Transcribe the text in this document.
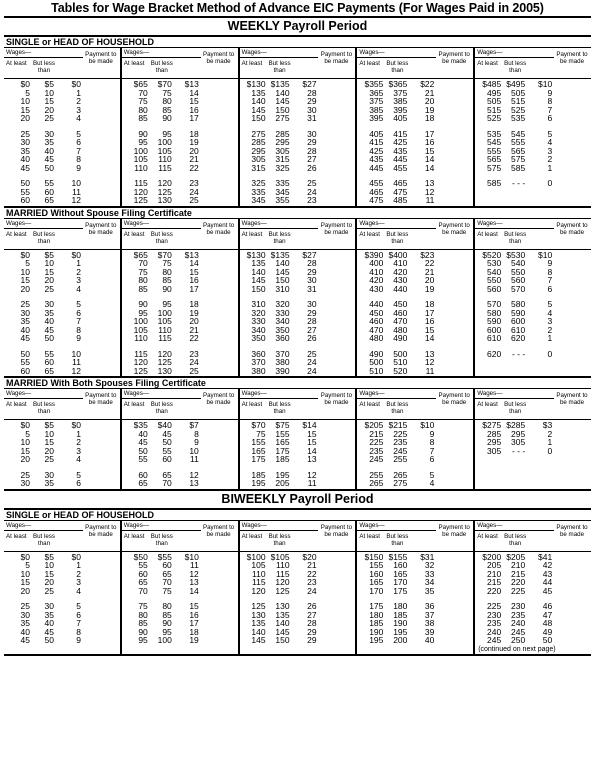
Tables for Wage Bracket Method of Advance EIC Payments (For Wages Paid in 2005)
WEEKLY Payroll Period
SINGLE or HEAD OF HOUSEHOLD
Wages—
At least But less than
Payment to be made
$0	$5	$0
5	10	1
10	15	2
15	20	3
20	25	4
25	30	5
30	35	6
35	40	7
40	45	8
45	50	9
50	55	10
55	60	11
60	65	12
Wages—
At least But less than
Payment to be made
$65	$70	$13
70	75	14
75	80	15
80	85	16
85	90	17
90	95	18
95	100	19
100	105	20
105	110	21
110	115	22
115	120	23
120	125	24
125	130	25
Wages—
At least But less than
Payment to be made
$130 $135	$27
135	140	28
140	145	29
145	150	30
150	275	31
275	285	30
285	295	29
295	305	28
305	315	27
315	325	26
325	335	25
335	345	24
345	355	23
Wages—
At least But less than
Payment to be made
$355 $365	$22
365	375	21
375	385	20
385	395	19
395	405	18
405	415	17
415	425	16
425	435	15
435	445	14
445	455	14
455	465	13
465	475	12
475	485	11
Wages—
At least But less than
Payment to be made
$485 $495	$10
495	505	9
505	515	8
515	525	7
525	535	6
535	545	5
545	555	4
555	565	3
565	575	2
575	585	1
585	- - -	0
MARRIED Without Spouse Filing Certificate
Wages—
At least But less than
Payment to be made
$0	$5	$0
5	10	1
10	15	2
15	20	3
20	25	4
25	30	5
30	35	6
35	40	7
40	45	8
45	50	9
50	55	10
55	60	11
60	65	12
Wages—
At least But less than
Payment to be made
$65	$70	$13
70	75	14
75	80	15
80	85	16
85	90	17
90	95	18
95	100	19
100	105	20
105	110	21
110	115	22
115	120	23
120	125	24
125	130	25
Wages—
At least But less than
Payment to be made
$130 $135	$27
135	140	28
140	145	29
145	150	30
150	310	31
310	320	30
320	330	29
330	340	28
340	350	27
350	360	26
360	370	25
370	380	24
380	390	24
Wages—
At least But less than
Payment to be made
$390 $400	$23
400	410	22
410	420	21
420	430	20
430	440	19
440	450	18
450	460	17
460	470	16
470	480	15
480	490	14
490	500	13
500	510	12
510	520	11
Wages—
At least But less than
Payment to be made
$520 $530	$10
530	540	9
540	550	8
550	560	7
560	570	6
570	580	5
580	590	4
590	600	3
600	610	2
610	620	1
620	- - -	0
MARRIED With Both Spouses Filing Certificate
Wages—
At least But less than
Payment to be made
$0	$5	$0
5	10	1
10	15	2
15	20	3
20	25	4
25	30	5
30	35	6
Wages—
At least But less than
Payment to be made
$35	$40	$7
40	45	8
45	50	9
50	55	10
55	60	11
60	65	12
65	70	13
Wages—
At least But less than
Payment to be made
$70	$75	$14
75	155	15
155	165	15
165	175	14
175	185	13
185	195	12
195	205	11
Wages—
At least But less than
Payment to be made
$205 $215	$10
215	225	9
225	235	8
235	245	7
245	255	6
255	265	5
265	275	4
Wages—
At least But less than
Payment to be made
$275 $285	$3
285	295	2
295	305	1
305	- - -	0
BIWEEKLY Payroll Period
SINGLE or HEAD OF HOUSEHOLD
Wages—
At least But less than
Payment to be made
$0	$5	$0
5	10	1
10	15	2
15	20	3
20	25	4
25	30	5
30	35	6
35	40	7
40	45	8
45	50	9
Wages—
At least But less than
Payment to be made
$50	$55	$10
55	60	11
60	65	12
65	70	13
70	75	14
75	80	15
80	85	16
85	90	17
90	95	18
95	100	19
Wages—
At least But less than
Payment to be made
$100 $105	$20
105	110	21
110	115	22
115	120	23
120	125	24
125	130	26
130	135	27
135	140	28
140	145	29
145	150	29
Wages—
At least But less than
Payment to be made
$150 $155	$31
155	160	32
160	165	33
165	170	34
170	175	35
175	180	36
180	185	37
185	190	38
190	195	39
195	200	40
Wages—
At least But less than
Payment to be made
$200 $205	$41
205	210	42
210	215	43
215	220	44
220	225	45
225	230	46
230	235	47
235	240	48
240	245	49
245	250	50
(continued on next page)
